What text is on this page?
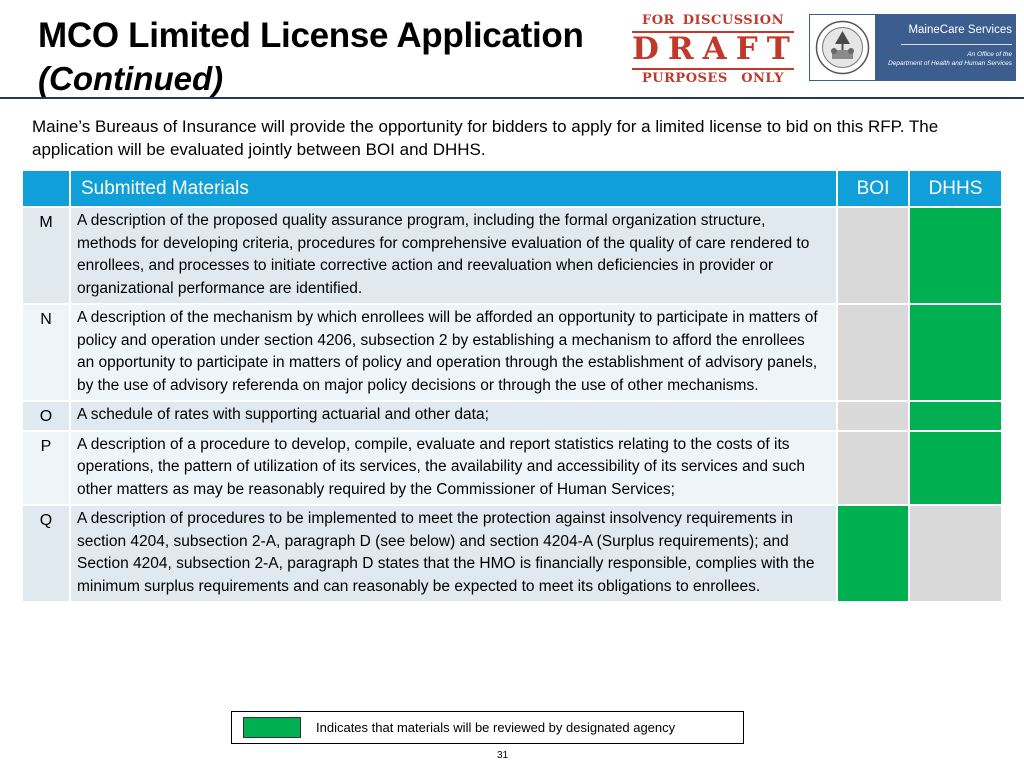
MCO Limited License Application
(Continued)
FOR DISCUSSION
DRAFT
PURPOSES ONLY
MaineCare Services
An Office of the
Department of Health and Human Services
Maine’s Bureaus of Insurance will provide the opportunity for bidders to apply for a limited license to bid on this RFP. The application will be evaluated jointly between BOI and DHHS.
	Submitted Materials	BOI	DHHS
M	A description of the proposed quality assurance program, including the formal organization structure, methods for developing criteria, procedures for comprehensive evaluation of the quality of care rendered to enrollees, and processes to initiate corrective action and reevaluation when deficiencies in provider or organizational performance are identified.		
N	A description of the mechanism by which enrollees will be afforded an opportunity to participate in matters of policy and operation under section 4206, subsection 2 by establishing a mechanism to afford the enrollees an opportunity to participate in matters of policy and operation through the establishment of advisory panels, by the use of advisory referenda on major policy decisions or through the use of other mechanisms.		
O	A schedule of rates with supporting actuarial and other data;		
P	A description of a procedure to develop, compile, evaluate and report statistics relating to the costs of its operations, the pattern of utilization of its services, the availability and accessibility of its services and such other matters as may be reasonably required by the Commissioner of Human Services;		
Q	A description of procedures to be implemented to meet the protection against insolvency requirements in section 4204, subsection 2-A, paragraph D (see below) and section 4204-A (Surplus requirements); and Section 4204, subsection 2-A, paragraph D states that the HMO is financially responsible, complies with the minimum surplus requirements and can reasonably be expected to meet its obligations to enrollees.		
Indicates that materials will be reviewed by designated agency
31
